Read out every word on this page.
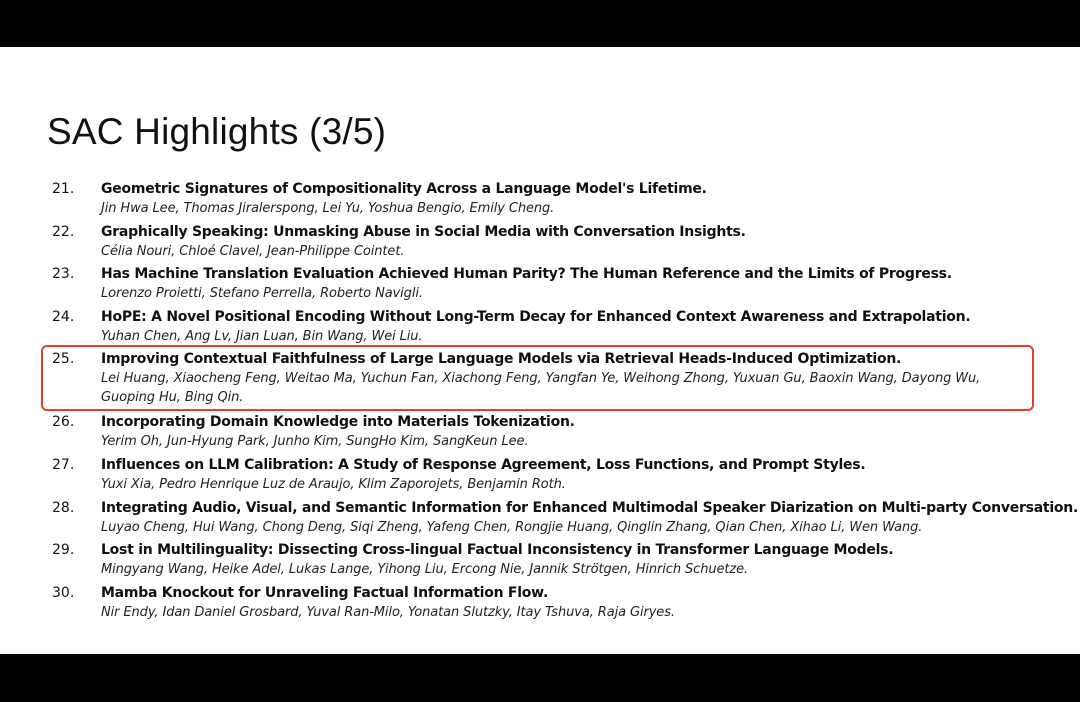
SAC Highlights (3/5)
21. Geometric Signatures of Compositionality Across a Language Model's Lifetime.
Jin Hwa Lee, Thomas Jiralerspong, Lei Yu, Yoshua Bengio, Emily Cheng.
22. Graphically Speaking: Unmasking Abuse in Social Media with Conversation Insights.
Célia Nouri, Chloé Clavel, Jean-Philippe Cointet.
23. Has Machine Translation Evaluation Achieved Human Parity? The Human Reference and the Limits of Progress.
Lorenzo Proietti, Stefano Perrella, Roberto Navigli.
24. HoPE: A Novel Positional Encoding Without Long-Term Decay for Enhanced Context Awareness and Extrapolation.
Yuhan Chen, Ang Lv, Jian Luan, Bin Wang, Wei Liu.
25. Improving Contextual Faithfulness of Large Language Models via Retrieval Heads-Induced Optimization.
Lei Huang, Xiaocheng Feng, Weitao Ma, Yuchun Fan, Xiachong Feng, Yangfan Ye, Weihong Zhong, Yuxuan Gu, Baoxin Wang, Dayong Wu, Guoping Hu, Bing Qin.
26. Incorporating Domain Knowledge into Materials Tokenization.
Yerim Oh, Jun-Hyung Park, Junho Kim, SungHo Kim, SangKeun Lee.
27. Influences on LLM Calibration: A Study of Response Agreement, Loss Functions, and Prompt Styles.
Yuxi Xia, Pedro Henrique Luz de Araujo, Klim Zaporojets, Benjamin Roth.
28. Integrating Audio, Visual, and Semantic Information for Enhanced Multimodal Speaker Diarization on Multi-party Conversation.
Luyao Cheng, Hui Wang, Chong Deng, Siqi Zheng, Yafeng Chen, Rongjie Huang, Qinglin Zhang, Qian Chen, Xihao Li, Wen Wang.
29. Lost in Multilinguality: Dissecting Cross-lingual Factual Inconsistency in Transformer Language Models.
Mingyang Wang, Heike Adel, Lukas Lange, Yihong Liu, Ercong Nie, Jannik Strötgen, Hinrich Schuetze.
30. Mamba Knockout for Unraveling Factual Information Flow.
Nir Endy, Idan Daniel Grosbard, Yuval Ran-Milo, Yonatan Slutzky, Itay Tshuva, Raja Giryes.
